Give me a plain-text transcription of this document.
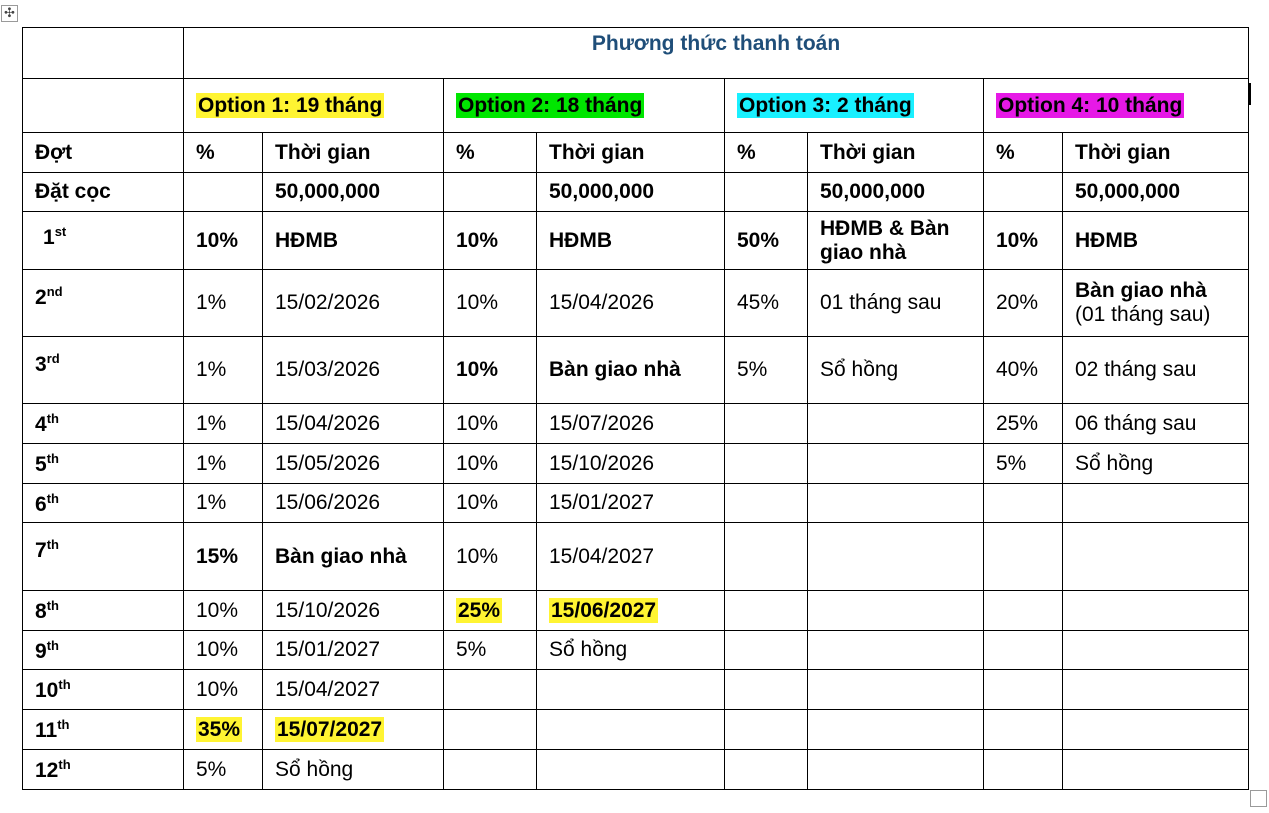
✣
	Phương thức thanh toán							
	Option 1: 19 tháng		Option 2: 18 tháng		Option 3: 2 tháng		Option 4: 10 tháng	
Đợt	%	Thời gian	%	Thời gian	%	Thời gian	%	Thời gian
Đặt cọc		50,000,000		50,000,000		50,000,000		50,000,000
1st	10%	HĐMB	10%	HĐMB	50%	HĐMB & Bàn giao nhà	10%	HĐMB
2nd	1%	15/02/2026	10%	15/04/2026	45%	01 tháng sau	20%	Bàn giao nhà
(01 tháng sau)
3rd	1%	15/03/2026	10%	Bàn giao nhà	5%	Sổ hồng	40%	02 tháng sau
4th	1%	15/04/2026	10%	15/07/2026			25%	06 tháng sau
5th	1%	15/05/2026	10%	15/10/2026			5%	Sổ hồng
6th	1%	15/06/2026	10%	15/01/2027				
7th	15%	Bàn giao nhà	10%	15/04/2027				
8th	10%	15/10/2026	25%	15/06/2027				
9th	10%	15/01/2027	5%	Sổ hồng				
10th	10%	15/04/2027						
11th	35%	15/07/2027						
12th	5%	Sổ hồng						
